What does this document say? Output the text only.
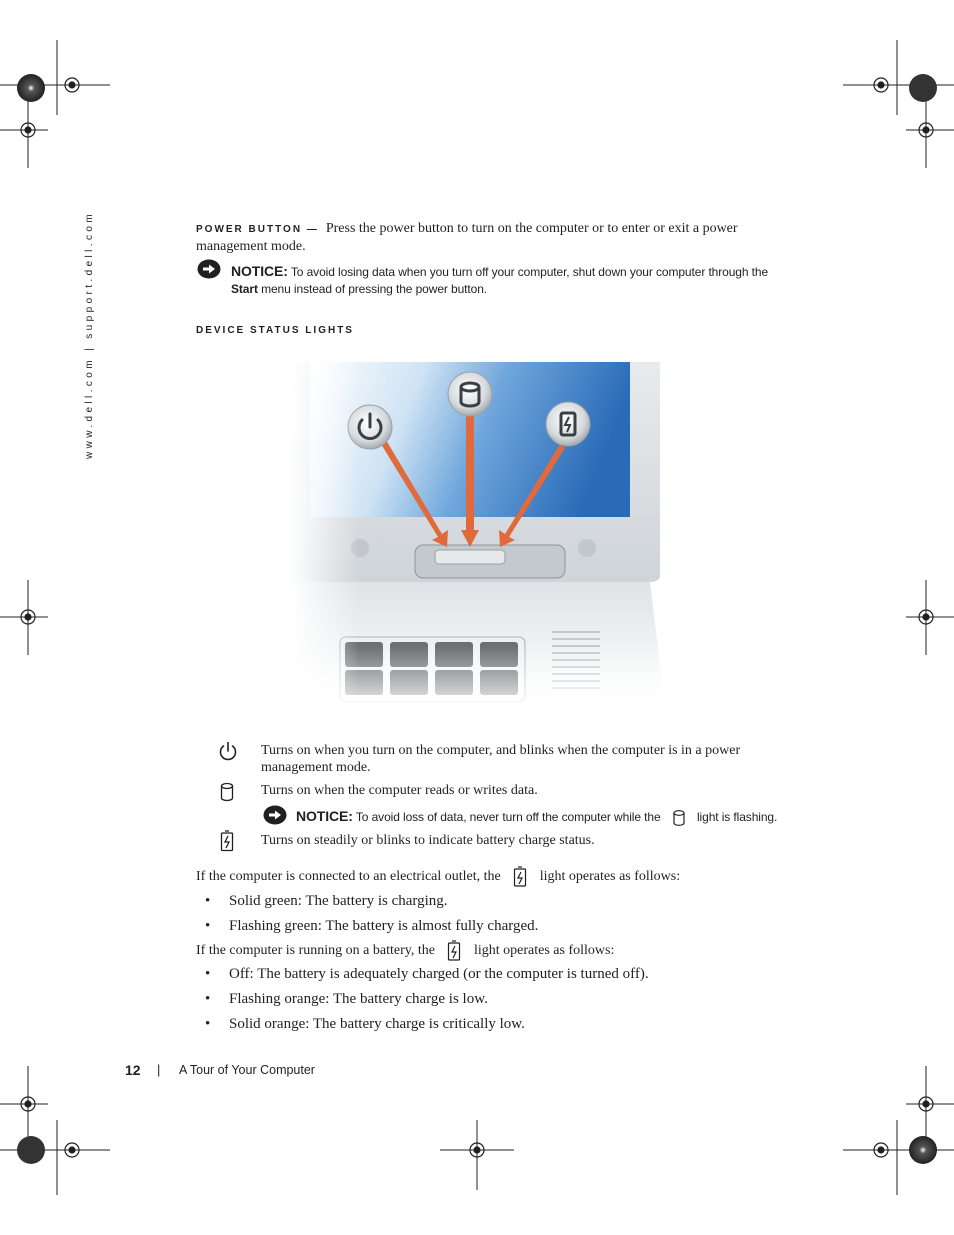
www.dell.com | support.dell.com	POWER BUTTON — Press the power button to turn on the computer or to enter or exit a power
management mode.
NOTICE: To avoid losing data when you turn off your computer, shut down your computer through the
Start menu instead of pressing the power button.
DEVICE STATUS LIGHTS
Turns on when you turn on the computer, and blinks when the computer is in a power
management mode.
Turns on when the computer reads or writes data.
NOTICE: To avoid loss of data, never turn off the computer while the	light is flashing.
Turns on steadily or blinks to indicate battery charge status.
If the computer is connected to an electrical outlet, the	light operates as follows:
• Solid green: The battery is charging.
• Flashing green: The battery is almost fully charged.
If the computer is running on a battery, the	light operates as follows:
• Off: The battery is adequately charged (or the computer is turned off).
• Flashing orange: The battery charge is low.
• Solid orange: The battery charge is critically low.
12 | A Tour of Your Computer
